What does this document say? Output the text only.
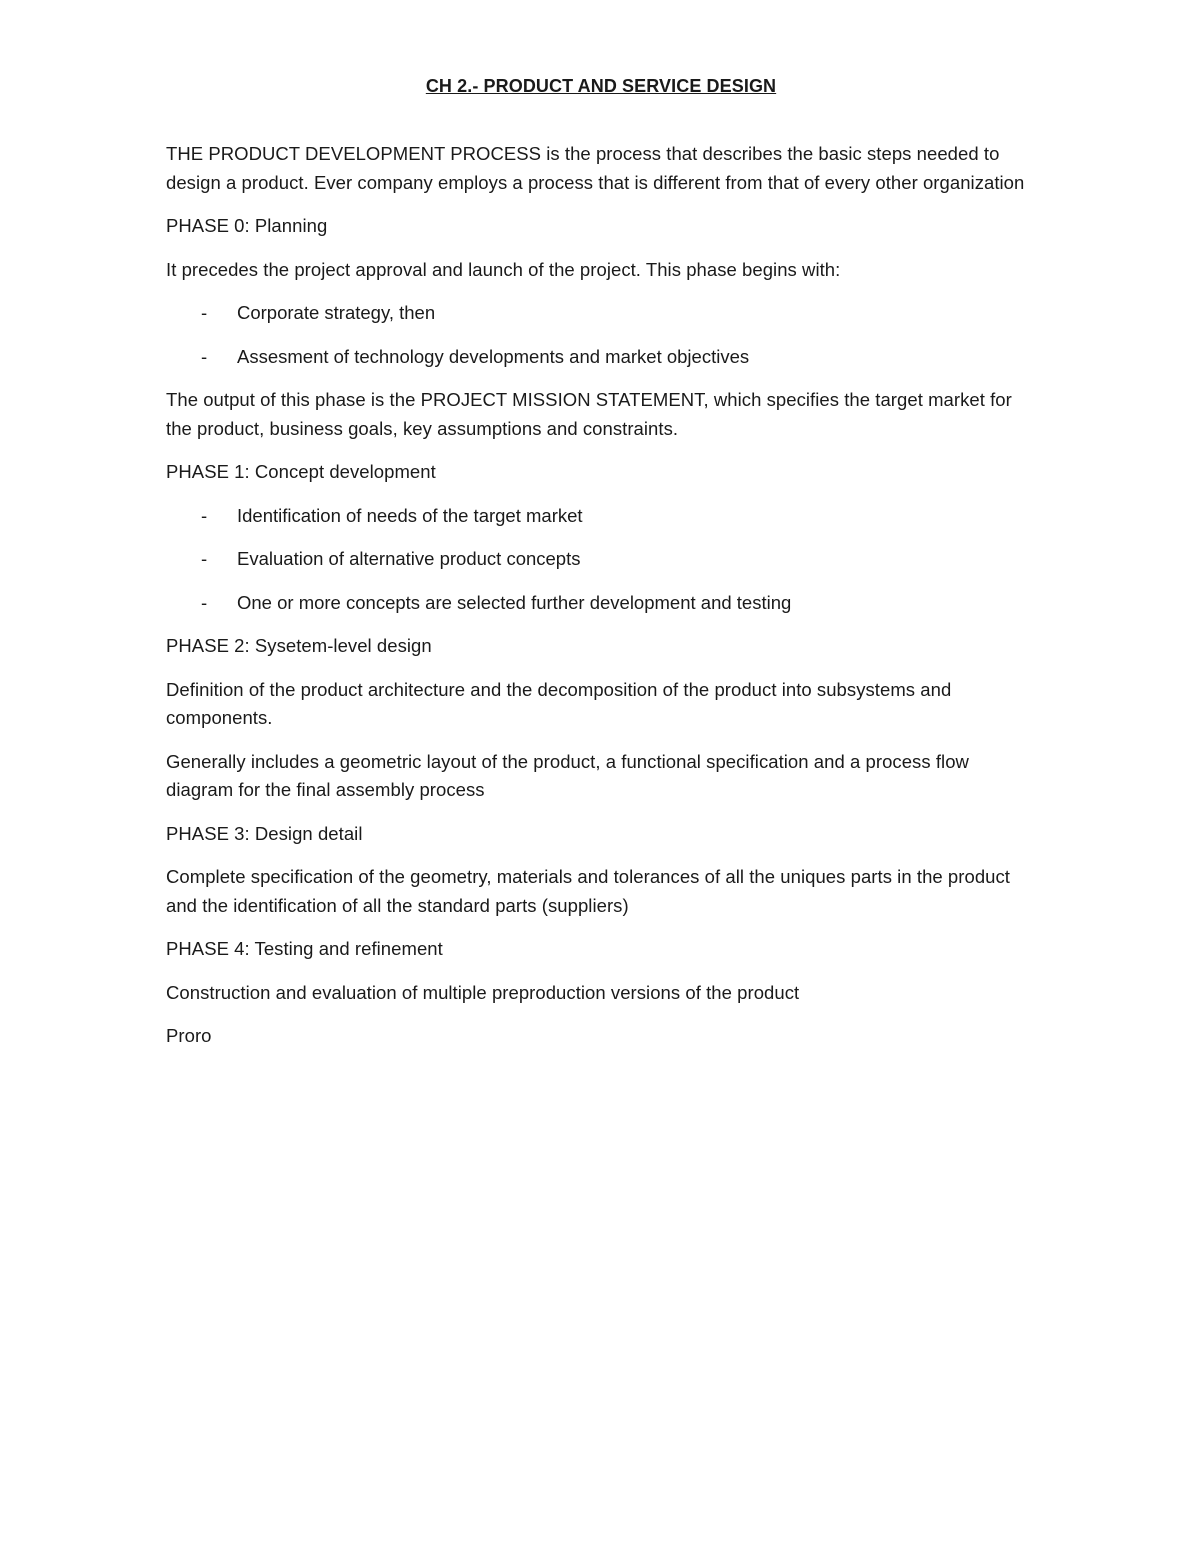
CH 2.- PRODUCT AND SERVICE DESIGN
THE PRODUCT DEVELOPMENT PROCESS is the process that describes the basic steps needed to design a product. Ever company employs a process that is different from that of every other organization
PHASE 0: Planning
It precedes the project approval and launch of the project. This phase begins with:
- Corporate strategy, then
- Assesment of technology developments and market objectives
The output of this phase is the PROJECT MISSION STATEMENT, which specifies the target market for the product, business goals, key assumptions and constraints.
PHASE 1: Concept development
- Identification of needs of the target market
- Evaluation of alternative product concepts
- One or more concepts are selected further development and testing
PHASE 2: Sysetem-level design
Definition of the product architecture and the decomposition of the product into subsystems and components.
Generally includes a geometric layout of the product, a functional specification and a process flow diagram for the final assembly process
PHASE 3: Design detail
Complete specification of the geometry, materials and tolerances of all the uniques parts in the product and the identification of all the standard parts (suppliers)
PHASE 4: Testing and refinement
Construction and evaluation of multiple preproduction versions of the product
Proro
